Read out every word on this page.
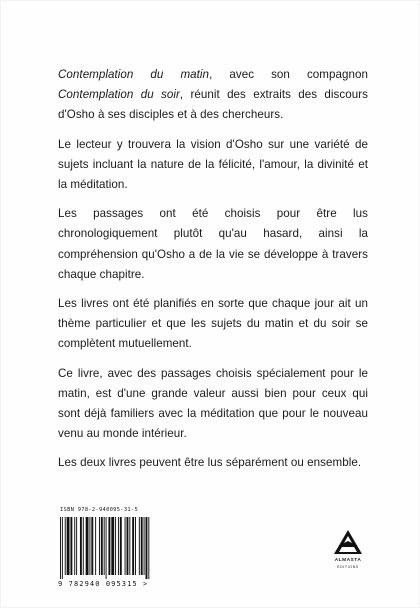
Contemplation du matin, avec son compagnon Contemplation du soir, réunit des extraits des discours d'Osho à ses disciples et à des chercheurs.

Le lecteur y trouvera la vision d'Osho sur une variété de sujets incluant la nature de la félicité, l'amour, la divinité et la méditation.

Les passages ont été choisis pour être lus chronologiquement plutôt qu'au hasard, ainsi la compréhension qu'Osho a de la vie se développe à travers chaque chapitre.

Les livres ont été planifiés en sorte que chaque jour ait un thème particulier et que les sujets du matin et du soir se complètent mutuellement.

Ce livre, avec des passages choisis spécialement pour le matin, est d'une grande valeur aussi bien pour ceux qui sont déjà familiers avec la méditation que pour le nouveau venu au monde intérieur.

Les deux livres peuvent être lus séparément ou ensemble.

ISBN 978-2-940095-31-5
9 782940 095315 >
ALMASTA
EDITIONS
